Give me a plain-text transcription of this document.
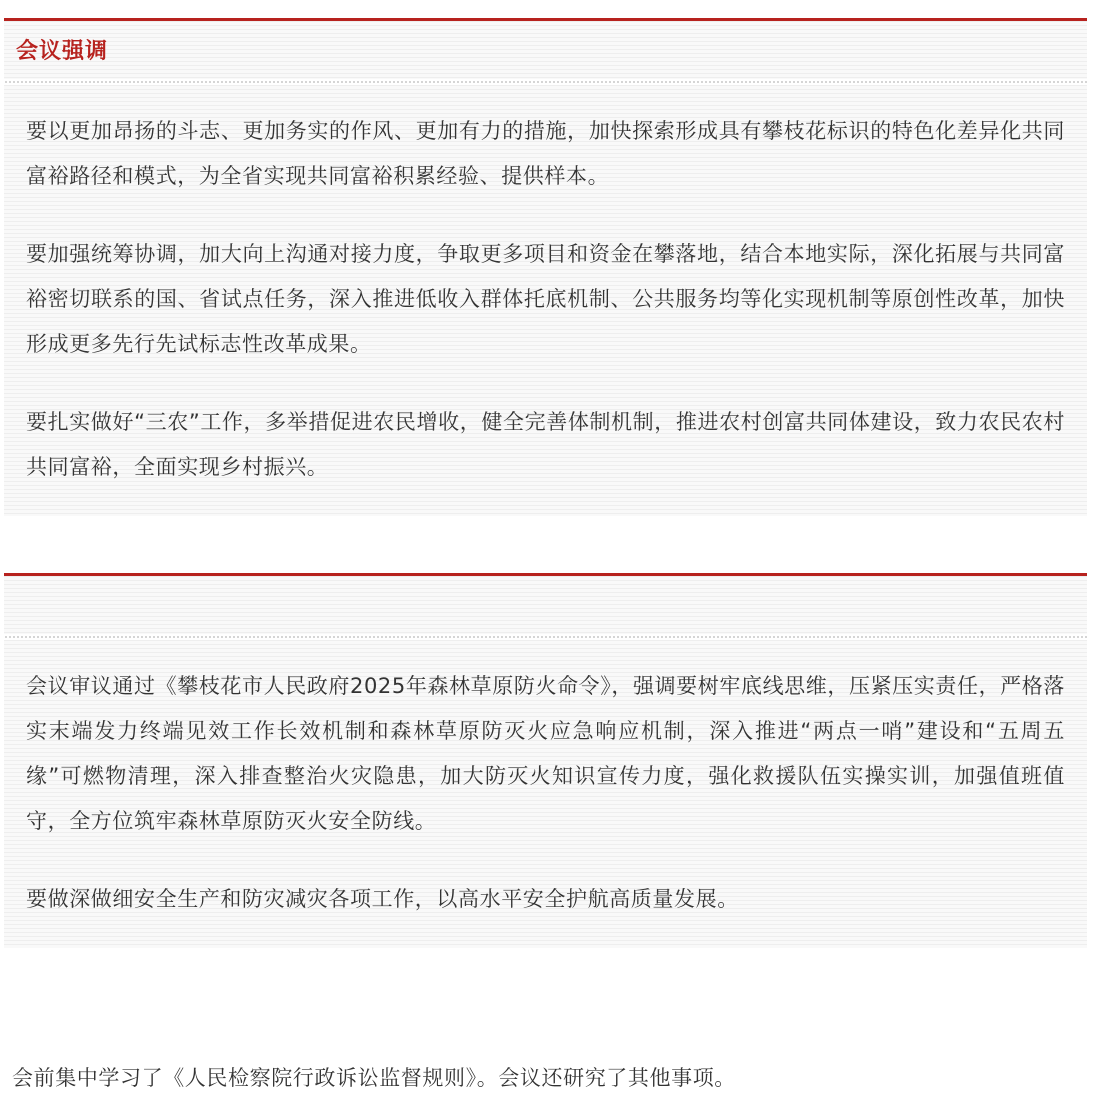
会议强调

要以更加昂扬的斗志、更加务实的作风、更加有力的措施，加快探索形成具有攀枝花标识的特色化差异化共同富裕路径和模式，为全省实现共同富裕积累经验、提供样本。

要加强统筹协调，加大向上沟通对接力度，争取更多项目和资金在攀落地，结合本地实际，深化拓展与共同富裕密切联系的国、省试点任务，深入推进低收入群体托底机制、公共服务均等化实现机制等原创性改革，加快形成更多先行先试标志性改革成果。

要扎实做好“三农”工作，多举措促进农民增收，健全完善体制机制，推进农村创富共同体建设，致力农民农村共同富裕，全面实现乡村振兴。

会议审议通过《攀枝花市人民政府2025年森林草原防火命令》，强调要树牢底线思维，压紧压实责任，严格落实末端发力终端见效工作长效机制和森林草原防灭火应急响应机制，深入推进“两点一哨”建设和“五周五缘”可燃物清理，深入排查整治火灾隐患，加大防灭火知识宣传力度，强化救援队伍实操实训，加强值班值守，全方位筑牢森林草原防灭火安全防线。

要做深做细安全生产和防灾减灾各项工作，以高水平安全护航高质量发展。

会前集中学习了《人民检察院行政诉讼监督规则》。会议还研究了其他事项。
